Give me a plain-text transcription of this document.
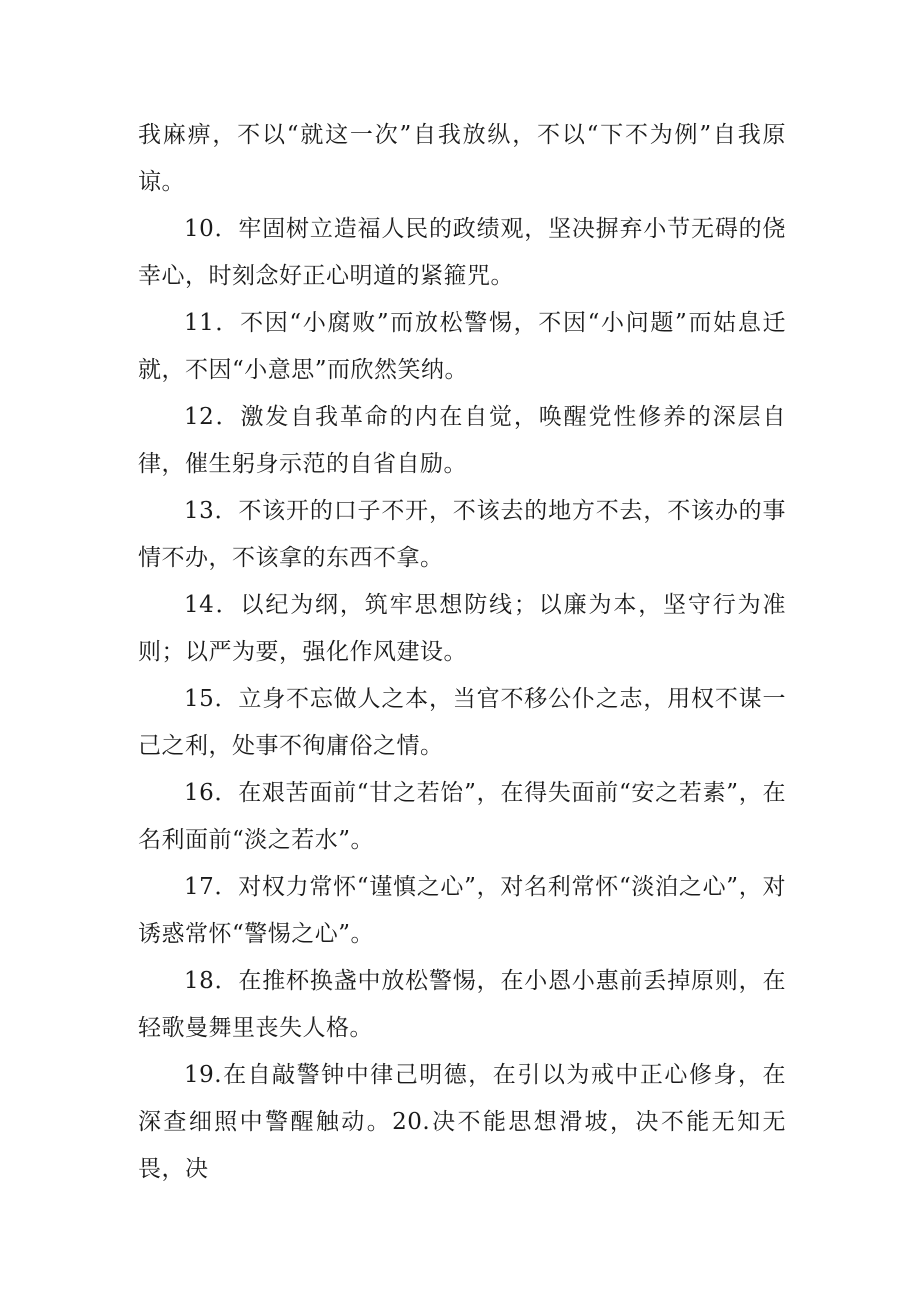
我麻痹，不以“就这一次”自我放纵，不以“下不为例”自我原谅。

10．牢固树立造福人民的政绩观，坚决摒弃小节无碍的侥幸心，时刻念好正心明道的紧箍咒。

11．不因“小腐败”而放松警惕，不因“小问题”而姑息迁就，不因“小意思”而欣然笑纳。

12．激发自我革命的内在自觉，唤醒党性修养的深层自律，催生躬身示范的自省自励。

13．不该开的口子不开，不该去的地方不去，不该办的事情不办，不该拿的东西不拿。

14．以纪为纲，筑牢思想防线；以廉为本，坚守行为准则；以严为要，强化作风建设。

15．立身不忘做人之本，当官不移公仆之志，用权不谋一己之利，处事不徇庸俗之情。

16．在艰苦面前“甘之若饴”，在得失面前“安之若素”，在名利面前“淡之若水”。

17．对权力常怀“谨慎之心”，对名利常怀“淡泊之心”，对诱惑常怀“警惕之心”。

18．在推杯换盏中放松警惕，在小恩小惠前丢掉原则，在轻歌曼舞里丧失人格。

19.在自敲警钟中律己明德，在引以为戒中正心修身，在深查细照中警醒触动。20.决不能思想滑坡，决不能无知无畏，决
